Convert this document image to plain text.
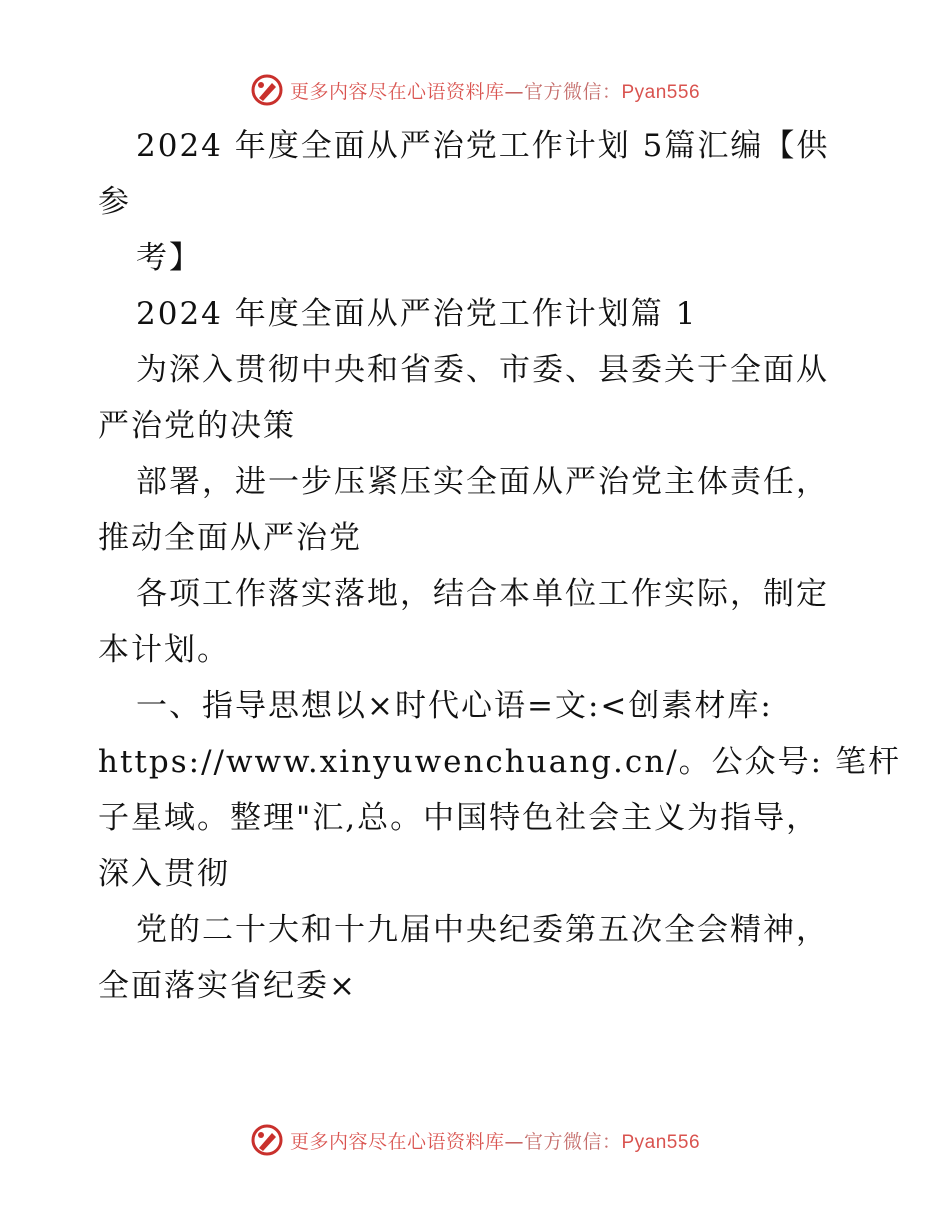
更多内容尽在心语资料库—官方微信：Pyan556
2024 年度全面从严治党工作计划 5篇汇编【供
参
考】
2024 年度全面从严治党工作计划篇 1
为深入贯彻中央和省委、市委、县委关于全面从
严治党的决策
部署，进一步压紧压实全面从严治党主体责任，
推动全面从严治党
各项工作落实落地，结合本单位工作实际，制定
本计划。
一、指导思想以×时代心语=文:<创素材库:
https://www.xinyuwenchuang.cn/。公众号: 笔杆
子星域。整理"汇,总。中国特色社会主义为指导，
深入贯彻
党的二十大和十九届中央纪委第五次全会精神，
全面落实省纪委×
更多内容尽在心语资料库—官方微信：Pyan556
